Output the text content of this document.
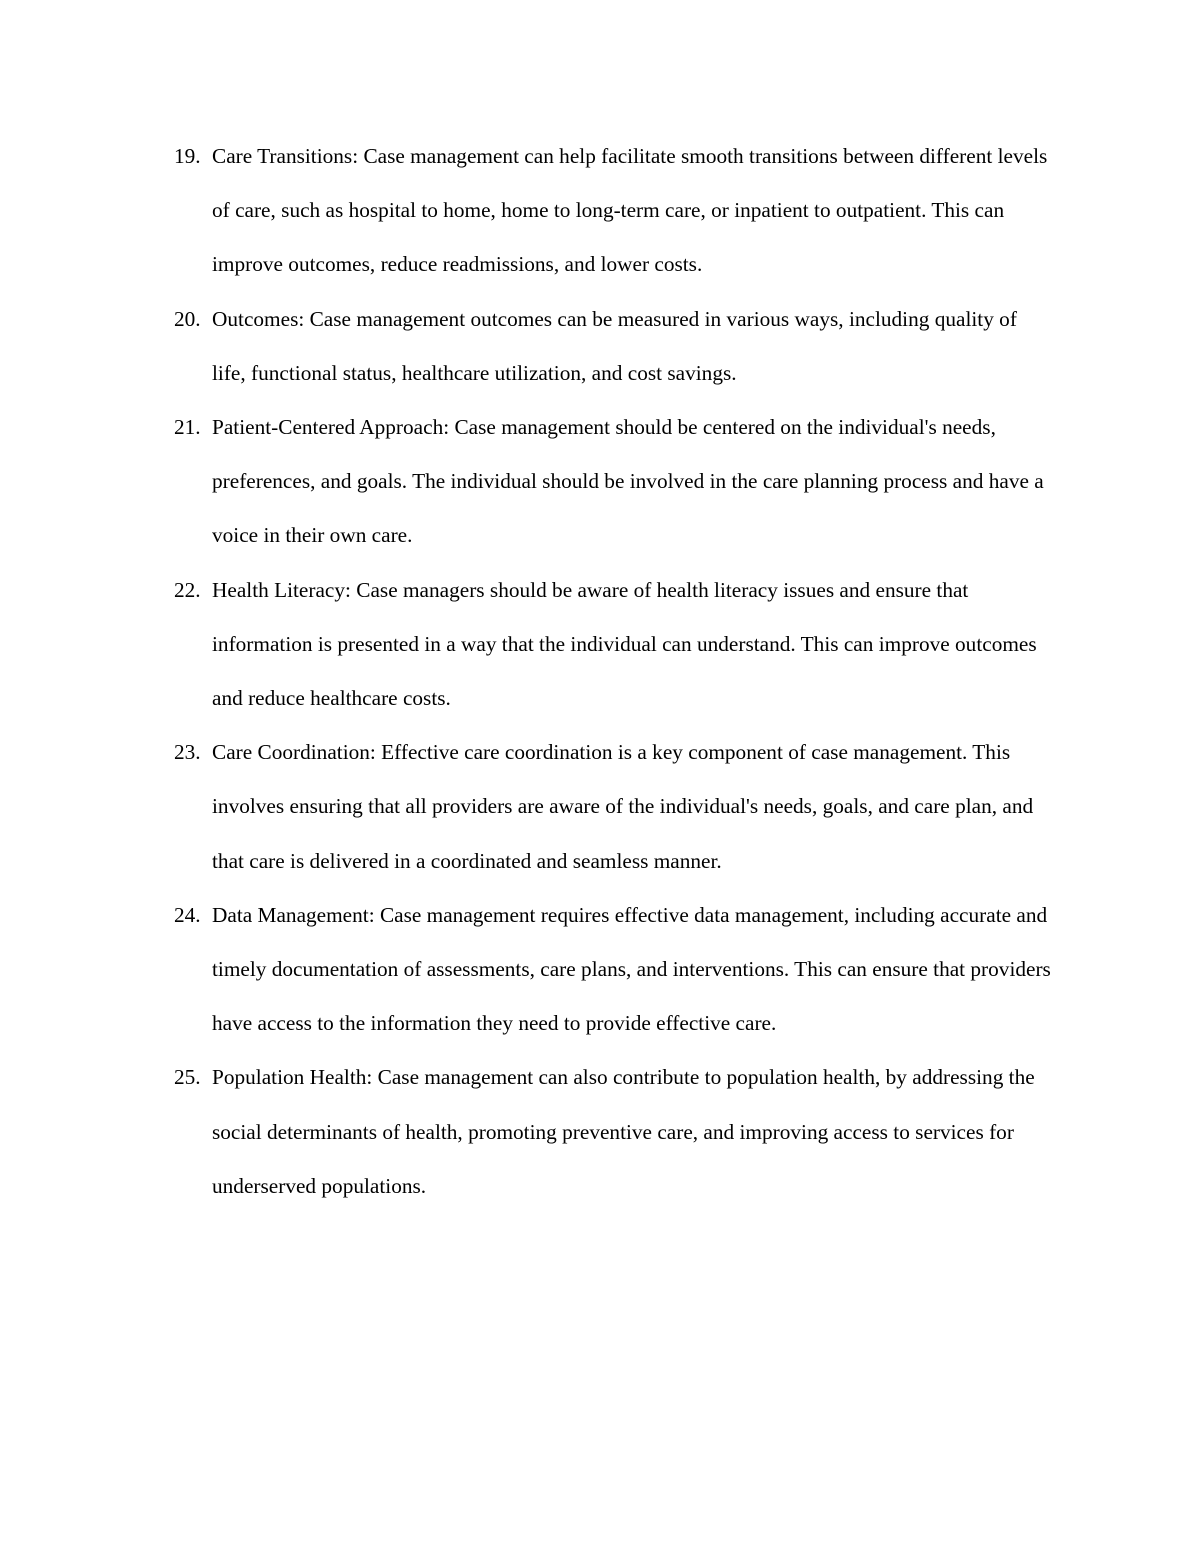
19. Care Transitions: Case management can help facilitate smooth transitions between different levels of care, such as hospital to home, home to long-term care, or inpatient to outpatient. This can improve outcomes, reduce readmissions, and lower costs.
20. Outcomes: Case management outcomes can be measured in various ways, including quality of life, functional status, healthcare utilization, and cost savings.
21. Patient-Centered Approach: Case management should be centered on the individual's needs, preferences, and goals. The individual should be involved in the care planning process and have a voice in their own care.
22. Health Literacy: Case managers should be aware of health literacy issues and ensure that information is presented in a way that the individual can understand. This can improve outcomes and reduce healthcare costs.
23. Care Coordination: Effective care coordination is a key component of case management. This involves ensuring that all providers are aware of the individual's needs, goals, and care plan, and that care is delivered in a coordinated and seamless manner.
24. Data Management: Case management requires effective data management, including accurate and timely documentation of assessments, care plans, and interventions. This can ensure that providers have access to the information they need to provide effective care.
25. Population Health: Case management can also contribute to population health, by addressing the social determinants of health, promoting preventive care, and improving access to services for underserved populations.
